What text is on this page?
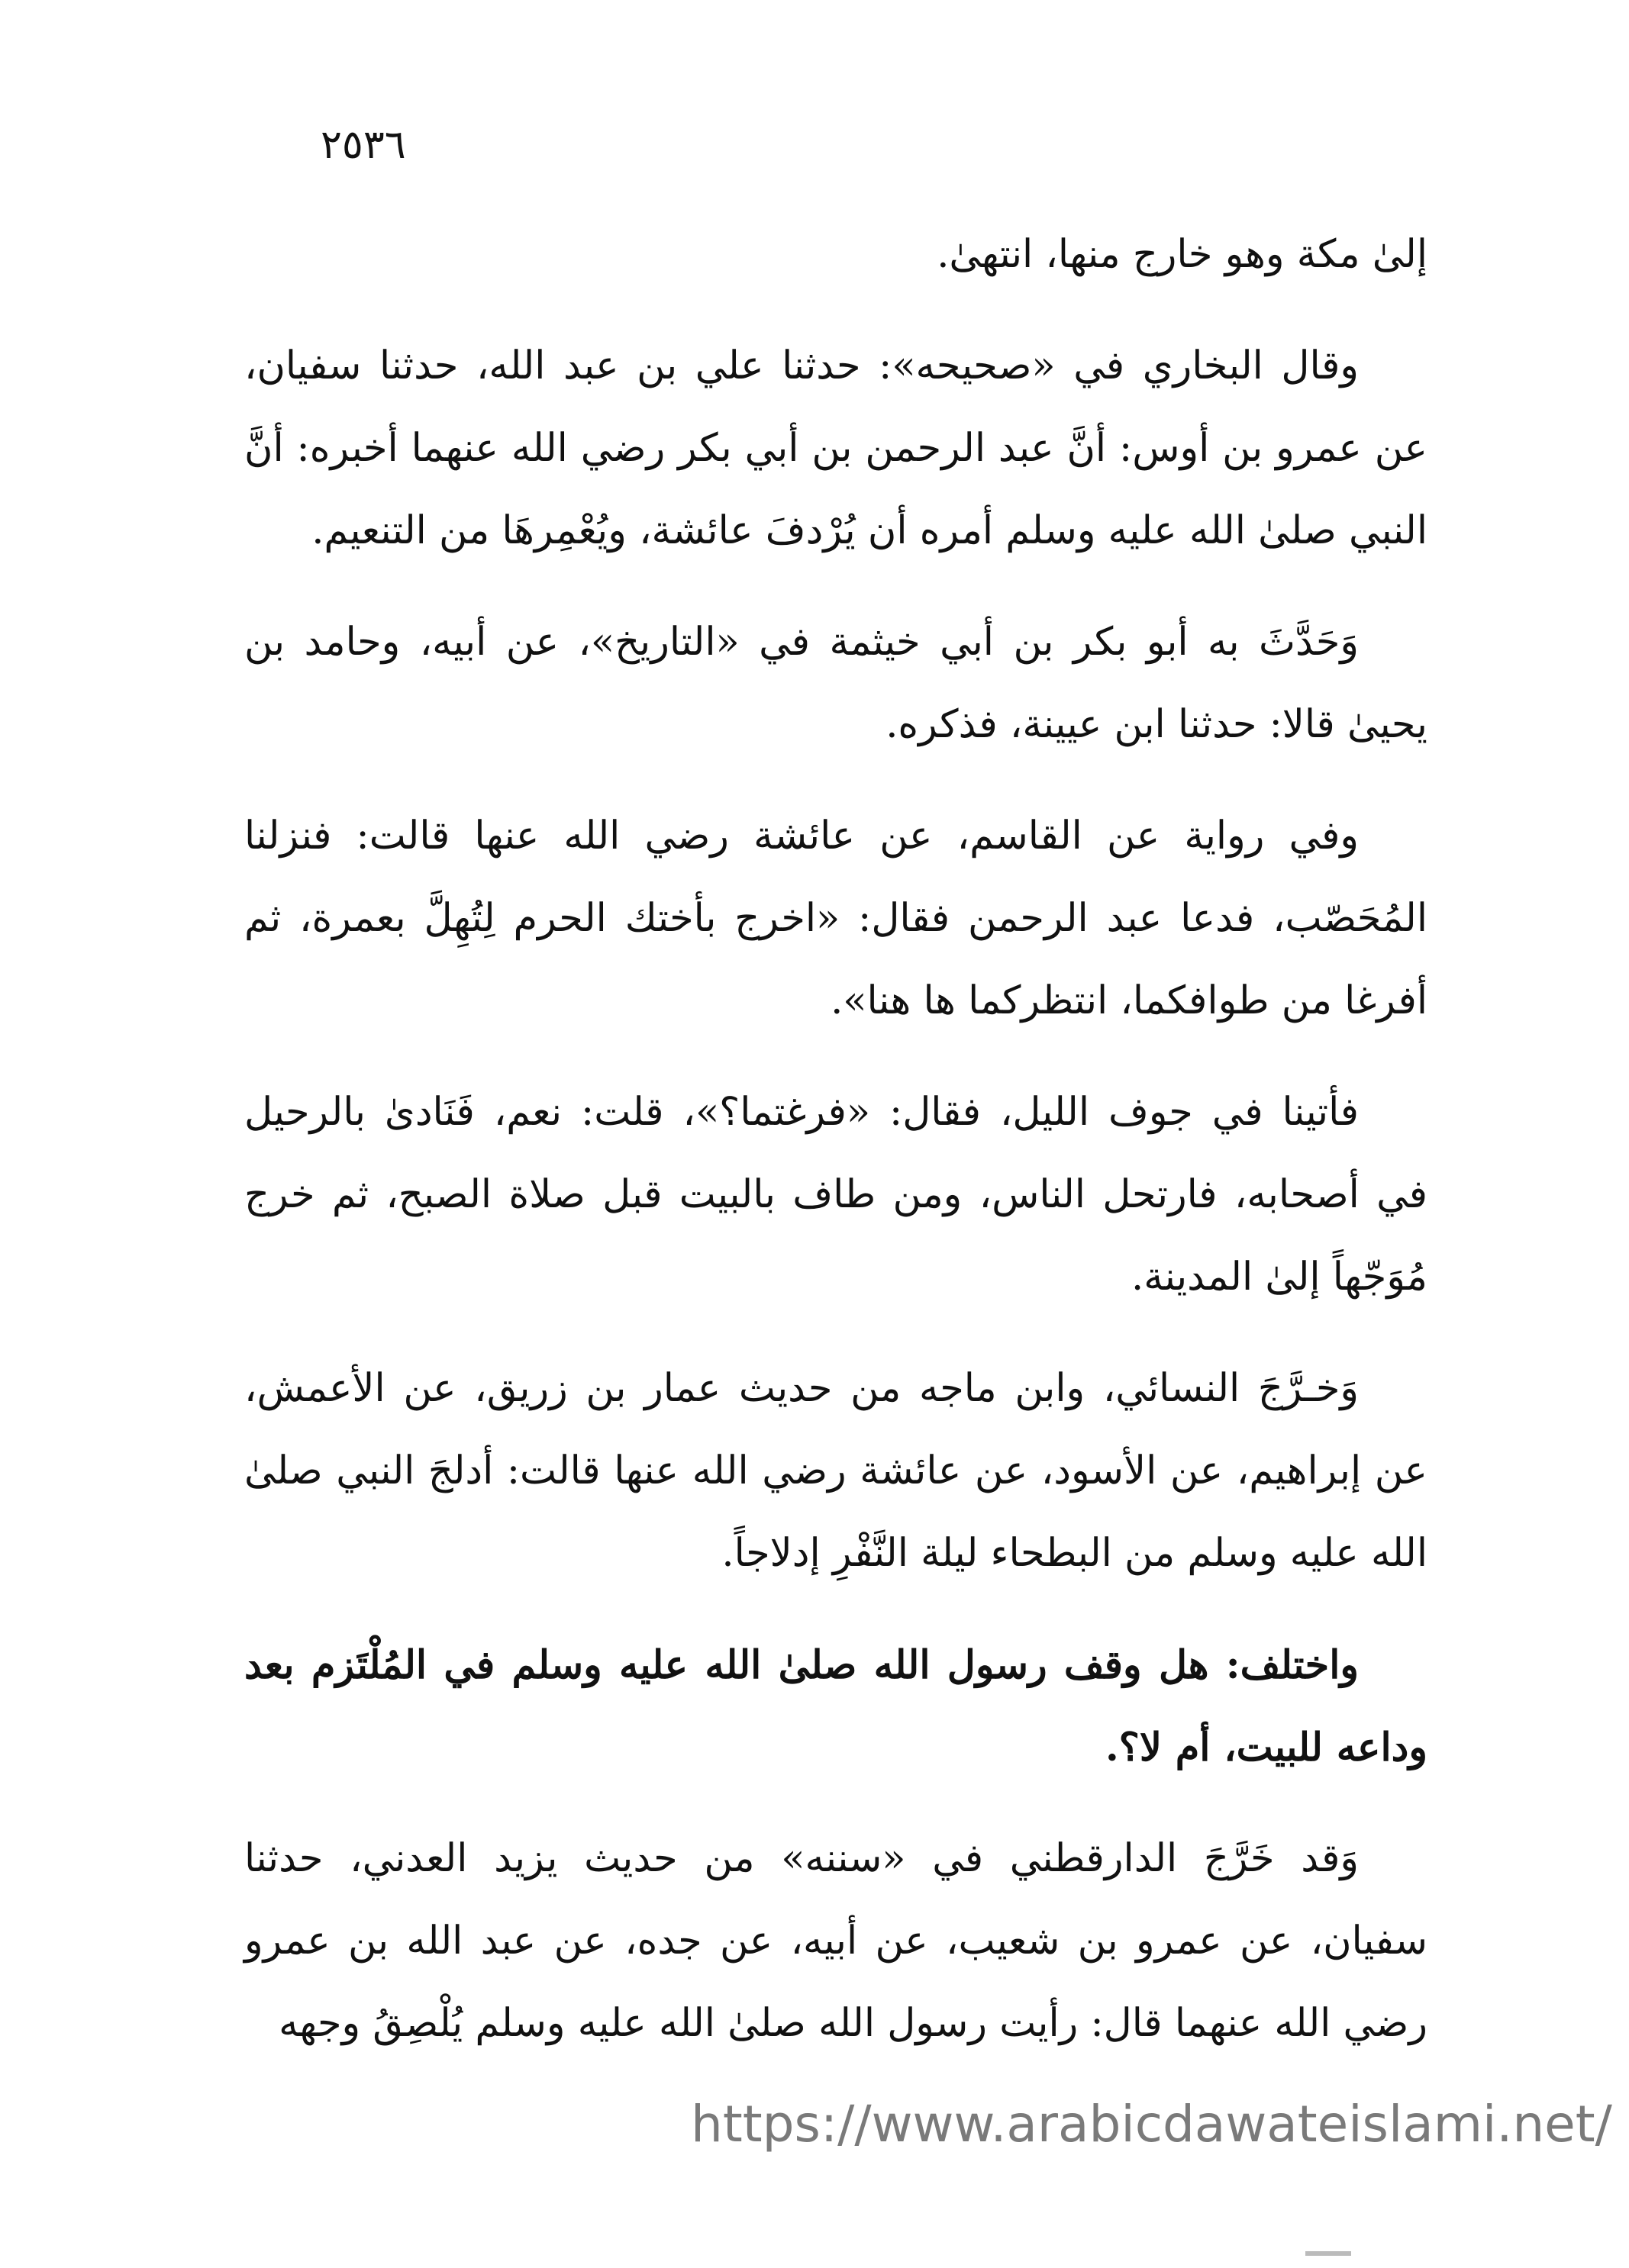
٢٥٣٦

إلىٰ مكة وهو خارج منها، انتهىٰ.

وقال البخاري في «صحيحه»: حدثنا علي بن عبد الله، حدثنا سفيان، عن عمرو بن أوس: أنَّ عبد الرحمن بن أبي بكر رضي الله عنهما أخبره: أنَّ النبي صلىٰ الله عليه وسلم أمره أن يُرْدفَ عائشة، ويُعْمِرهَا من التنعيم.

وَحَدَّثَ به أبو بكر بن أبي خيثمة في «التاريخ»، عن أبيه، وحامد بن يحيىٰ قالا: حدثنا ابن عيينة، فذكره.

وفي رواية عن القاسم، عن عائشة رضي الله عنها قالت: فنزلنا المُحَصّب، فدعا عبد الرحمن فقال: «اخرج بأختك الحرم لِتُهِلَّ بعمرة، ثم أفرغا من طوافكما، انتظركما ها هنا».

فأتينا في جوف الليل، فقال: «فرغتما؟»، قلت: نعم، فَنَادىٰ بالرحيل في أصحابه، فارتحل الناس، ومن طاف بالبيت قبل صلاة الصبح، ثم خرج مُوَجّهاً إلىٰ المدينة.

وَخـرَّجَ النسائي، وابن ماجه من حديث عمار بن زريق، عن الأعمش، عن إبراهيم، عن الأسود، عن عائشة رضي الله عنها قالت: أدلجَ النبي صلىٰ الله عليه وسلم من البطحاء ليلة النَّفْرِ إدلاجاً.

واختلف: هل وقف رسول الله صلىٰ الله عليه وسلم في المُلْتَزم بعد وداعه للبيت، أم لا؟.

وَقد خَرَّجَ الدارقطني في «سننه» من حديث يزيد العدني، حدثنا سفيان، عن عمرو بن شعيب، عن أبيه، عن جده، عن عبد الله بن عمرو رضي الله عنهما قال: رأيت رسول الله صلىٰ الله عليه وسلم يُلْصِقُ وجهه

https://www.arabicdawateislami.net/
